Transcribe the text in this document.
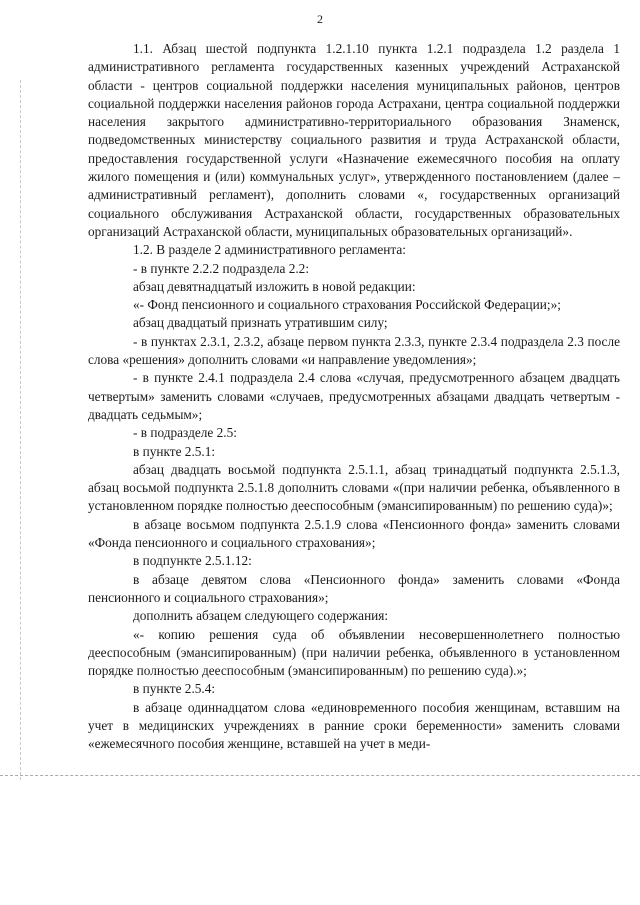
2

1.1. Абзац шестой подпункта 1.2.1.10 пункта 1.2.1 подраздела 1.2 раздела 1 административного регламента государственных казенных учреждений Астраханской области - центров социальной поддержки населения муниципальных районов, центров социальной поддержки населения районов города Астрахани, центра социальной поддержки населения закрытого административно-территориального образования Знаменск, подведомственных министерству социального развития и труда Астраханской области, предоставления государственной услуги «Назначение ежемесячного пособия на оплату жилого помещения и (или) коммунальных услуг», утвержденного постановлением (далее – административный регламент), дополнить словами «, государственных организаций социального обслуживания Астраханской области, государственных образовательных организаций Астраханской области, муниципальных образовательных организаций».

1.2. В разделе 2 административного регламента:

- в пункте 2.2.2 подраздела 2.2:

абзац девятнадцатый изложить в новой редакции:

«- Фонд пенсионного и социального страхования Российской Федерации;»;

абзац двадцатый признать утратившим силу;

- в пунктах 2.3.1, 2.3.2, абзаце первом пункта 2.3.3, пункте 2.3.4 подраздела 2.3 после слова «решения» дополнить словами «и направление уведомления»;

- в пункте 2.4.1 подраздела 2.4 слова «случая, предусмотренного абзацем двадцать четвертым» заменить словами «случаев, предусмотренных абзацами двадцать четвертым - двадцать седьмым»;

- в подразделе 2.5:

в пункте 2.5.1:

абзац двадцать восьмой подпункта 2.5.1.1, абзац тринадцатый подпункта 2.5.1.3, абзац восьмой подпункта 2.5.1.8 дополнить словами «(при наличии ребенка, объявленного в установленном порядке полностью дееспособным (эмансипированным) по решению суда)»;

в абзаце восьмом подпункта 2.5.1.9 слова «Пенсионного фонда» заменить словами «Фонда пенсионного и социального страхования»;

в подпункте 2.5.1.12:

в абзаце девятом слова «Пенсионного фонда» заменить словами «Фонда пенсионного и социального страхования»;

дополнить абзацем следующего содержания:

«- копию решения суда об объявлении несовершеннолетнего полностью дееспособным (эмансипированным) (при наличии ребенка, объявленного в установленном порядке полностью дееспособным (эмансипированным) по решению суда).»;

в пункте 2.5.4:

в абзаце одиннадцатом слова «единовременного пособия женщинам, вставшим на учет в медицинских учреждениях в ранние сроки беременности» заменить словами «ежемесячного пособия женщине, вставшей на учет в меди-
